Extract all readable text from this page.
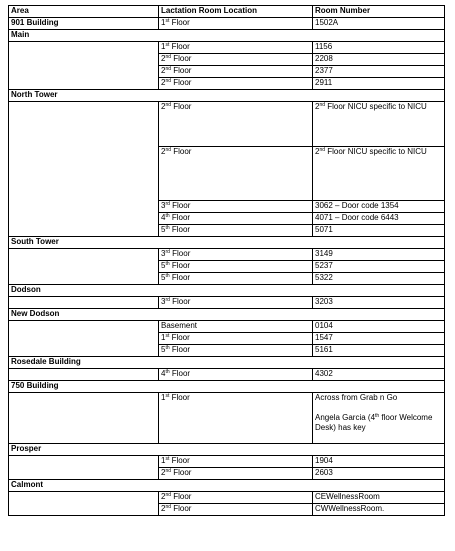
Area	Lactation Room Location	Room Number
901 Building	1st Floor	1502A
Main		
	1st Floor	1156
	2nd Floor	2208
	2nd Floor	2377
	2nd Floor	2911
North Tower		
	2nd Floor	2nd Floor NICU specific to NICU
	2nd Floor	2nd Floor NICU specific to NICU
	3rd Floor	3062 – Door code 1354
	4th Floor	4071 – Door code 6443
	5th Floor	5071
South Tower		
	3rd Floor	3149
	5th Floor	5237
	5th Floor	5322
Dodson		
	3rd Floor	3203
New Dodson		
	Basement	0104
	1st Floor	1547
	5th Floor	5161
Rosedale Building		
	4th Floor	4302
750 Building		
	1st Floor	Across from Grab n Go
Angela Garcia (4th floor Welcome Desk) has key
Prosper		
	1st Floor	1904
	2nd Floor	2603
Calmont		
	2nd Floor	CEWellnessRoom
	2nd Floor	CWWellnessRoom.
